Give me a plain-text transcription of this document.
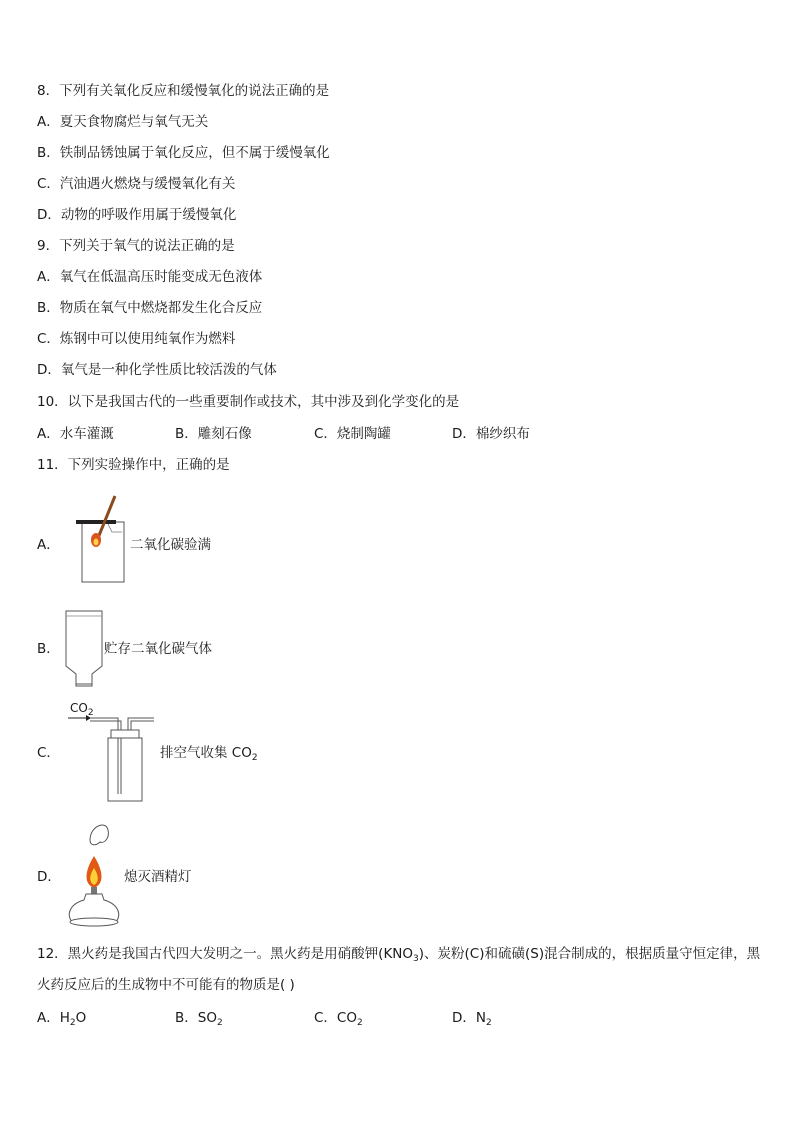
8．下列有关氧化反应和缓慢氧化的说法正确的是
A．夏天食物腐烂与氧气无关
B．铁制品锈蚀属于氧化反应，但不属于缓慢氧化
C．汽油遇火燃烧与缓慢氧化有关
D．动物的呼吸作用属于缓慢氧化
9．下列关于氧气的说法正确的是
A．氧气在低温高压时能变成无色液体
B．物质在氧气中燃烧都发生化合反应
C．炼钢中可以使用纯氧作为燃料
D．氧气是一种化学性质比较活泼的气体
10．以下是我国古代的一些重要制作或技术，其中涉及到化学变化的是
A．水车灌溉	B．雕刻石像	C．烧制陶罐	D．棉纱织布
11．下列实验操作中，正确的是
A．	二氧化碳验满
B．	贮存二氧化碳气体
C．
$CO_2$
排空气收集 $CO_2$
D．	熄灭酒精灯
12．黑火药是我国古代四大发明之一。黑火药是用硝酸钾$(KNO_3)$、炭粉(C)和硫磺(S)混合制成的，根据质量守恒定律，黑火药反应后的生成物中不可能有的物质是( )
A．$H_2O$	B．$SO_2$	C．$CO_2$	D．$N_2$
